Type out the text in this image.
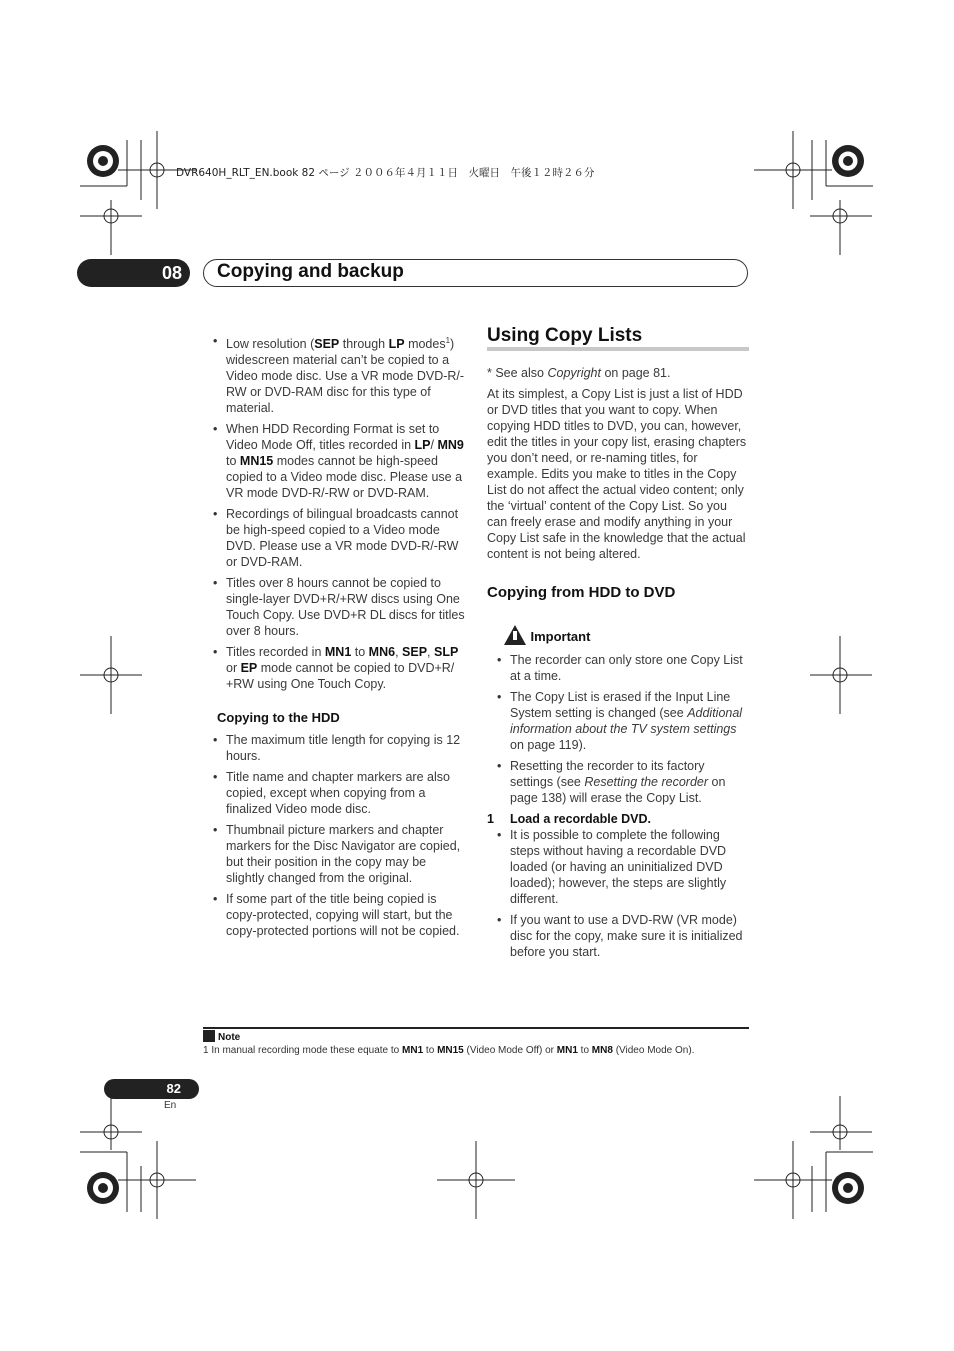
DVR640H_RLT_EN.book 82 ページ ２００６年４月１１日　火曜日　午後１２時２６分
08	Copying and backup
• Low resolution (SEP through LP modes$^1$) widescreen material can’t be copied to a Video mode disc. Use a VR mode DVD-R/-RW or DVD-RAM disc for this type of material.
• When HDD Recording Format is set to Video Mode Off, titles recorded in LP/ MN9 to MN15 modes cannot be high-speed copied to a Video mode disc. Please use a VR mode DVD-R/-RW or DVD-RAM.
• Recordings of bilingual broadcasts cannot be high-speed copied to a Video mode DVD. Please use a VR mode DVD-R/-RW or DVD-RAM.
• Titles over 8 hours cannot be copied to single-layer DVD+R/+RW discs using One Touch Copy. Use DVD+R DL discs for titles over 8 hours.
• Titles recorded in MN1 to MN6, SEP, SLP or EP mode cannot be copied to DVD+R/ +RW using One Touch Copy.

Copying to the HDD

• The maximum title length for copying is 12 hours.
• Title name and chapter markers are also copied, except when copying from a finalized Video mode disc.
• Thumbnail picture markers and chapter markers for the Disc Navigator are copied, but their position in the copy may be slightly changed from the original.
• If some part of the title being copied is copy-protected, copying will start, but the copy-protected portions will not be copied.
Using Copy Lists

* See also Copyright on page 81.

At its simplest, a Copy List is just a list of HDD or DVD titles that you want to copy. When copying HDD titles to DVD, you can, however, edit the titles in your copy list, erasing chapters you don’t need, or re-naming titles, for example. Edits you make to titles in the Copy List do not affect the actual video content; only the ‘virtual’ content of the Copy List. So you can freely erase and modify anything in your Copy List safe in the knowledge that the actual content is not being altered.

Copying from HDD to DVD
Important
• The recorder can only store one Copy List at a time.
• The Copy List is erased if the Input Line System setting is changed (see Additional information about the TV system settings on page 119).
• Resetting the recorder to its factory settings (see Resetting the recorder on page 138) will erase the Copy List.
1 Load a recordable DVD.
• It is possible to complete the following steps without having a recordable DVD loaded (or having an uninitialized DVD loaded); however, the steps are slightly different.
• If you want to use a DVD-RW (VR mode) disc for the copy, make sure it is initialized before you start.
Note
1 In manual recording mode these equate to MN1 to MN15 (Video Mode Off) or MN1 to MN8 (Video Mode On).
82
En
